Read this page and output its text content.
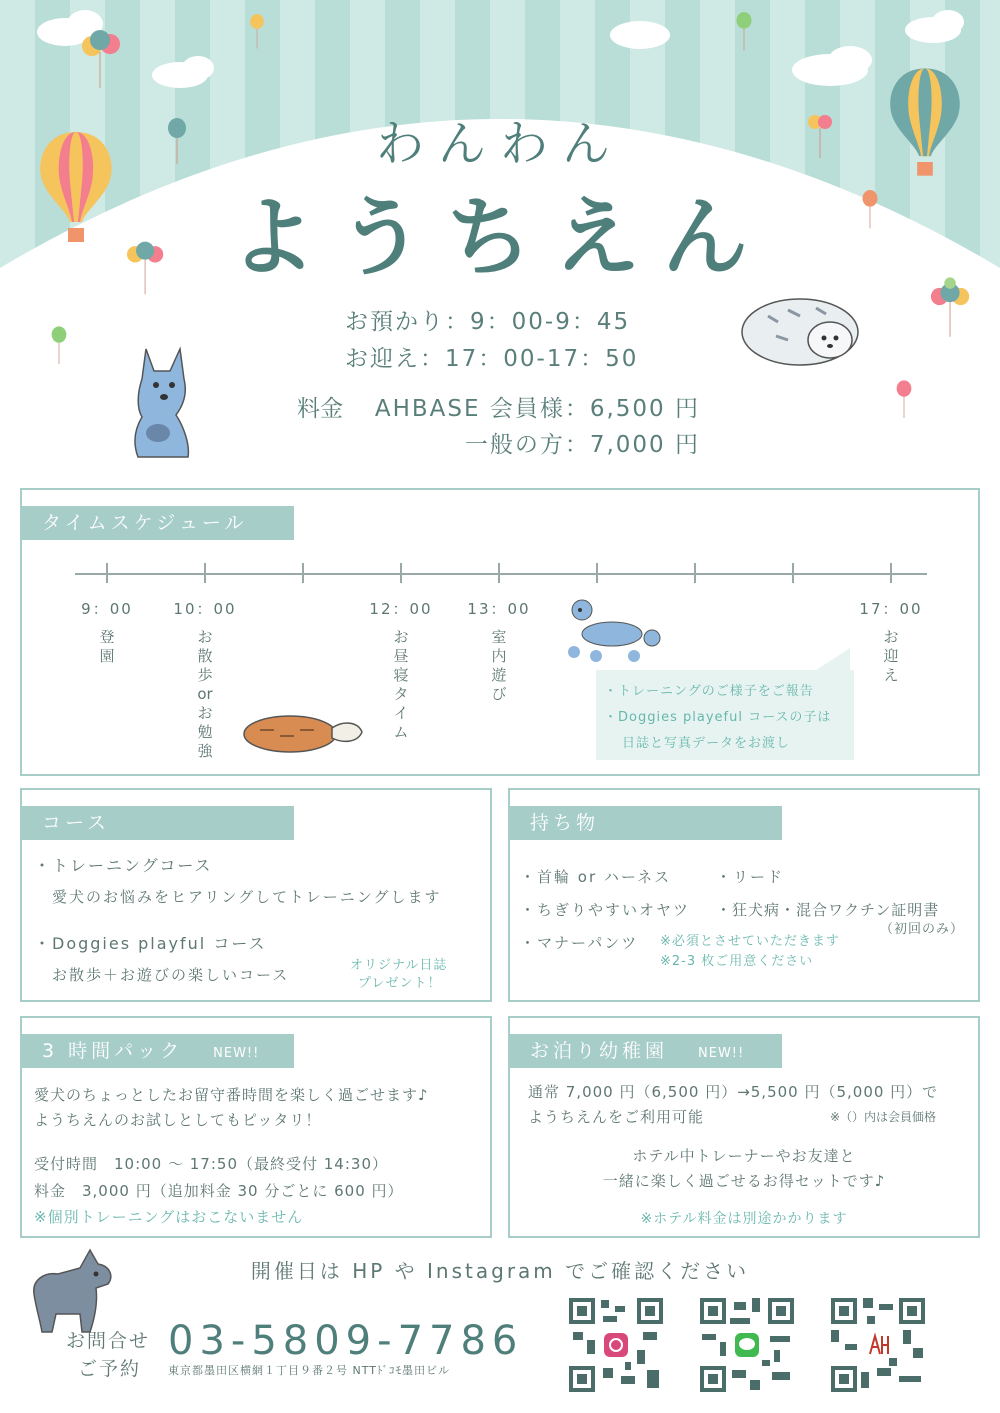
わんわん
ようちえん
お預かり：9：00-9：45
お迎え：17：00-17：50
料金 AHBASE 会員様：6,500 円
一般の方：7,000 円
タイムスケジュール
9：00	10：00	12：00	13：00	17：00
登園
お散歩orお勉強
お昼寝タイム
室内遊び
お迎え
・トレーニングのご様子をご報告
・Doggies playeful コースの子は
日誌と写真データをお渡し
コース
・トレーニングコース
愛犬のお悩みをヒアリングしてトレーニングします
・Doggies playful コース
お散歩＋お遊びの楽しいコース
オリジナル日誌
プレゼント！
持ち物
・首輪 or ハーネス	・リード
・ちぎりやすいオヤツ ・狂犬病・混合ワクチン証明書
（初回のみ）
・マナーパンツ ※必須とさせていただきます
※2-3 枚ご用意ください
3 時間パック NEW!!
愛犬のちょっとしたお留守番時間を楽しく過ごせます♪
ようちえんのお試しとしてもピッタリ！
受付時間　10:00 ～ 17:50（最終受付 14:30）
料金　3,000 円（追加料金 30 分ごとに 600 円）
※個別トレーニングはおこないません
お泊り幼稚園 NEW!!
通常 7,000 円（6,500 円）→5,500 円（5,000 円）で
ようちえんをご利用可能	※（）内は会員価格
ホテル中トレーナーやお友達と
一緒に楽しく過ごせるお得セットです♪
※ホテル料金は別途かかります
開催日は HP や Instagram でご確認ください
お問合せ
ご予約
03-5809-7786
東京都墨田区横網１丁目９番２号 NTTﾄﾞｺﾓ墨田ビル
